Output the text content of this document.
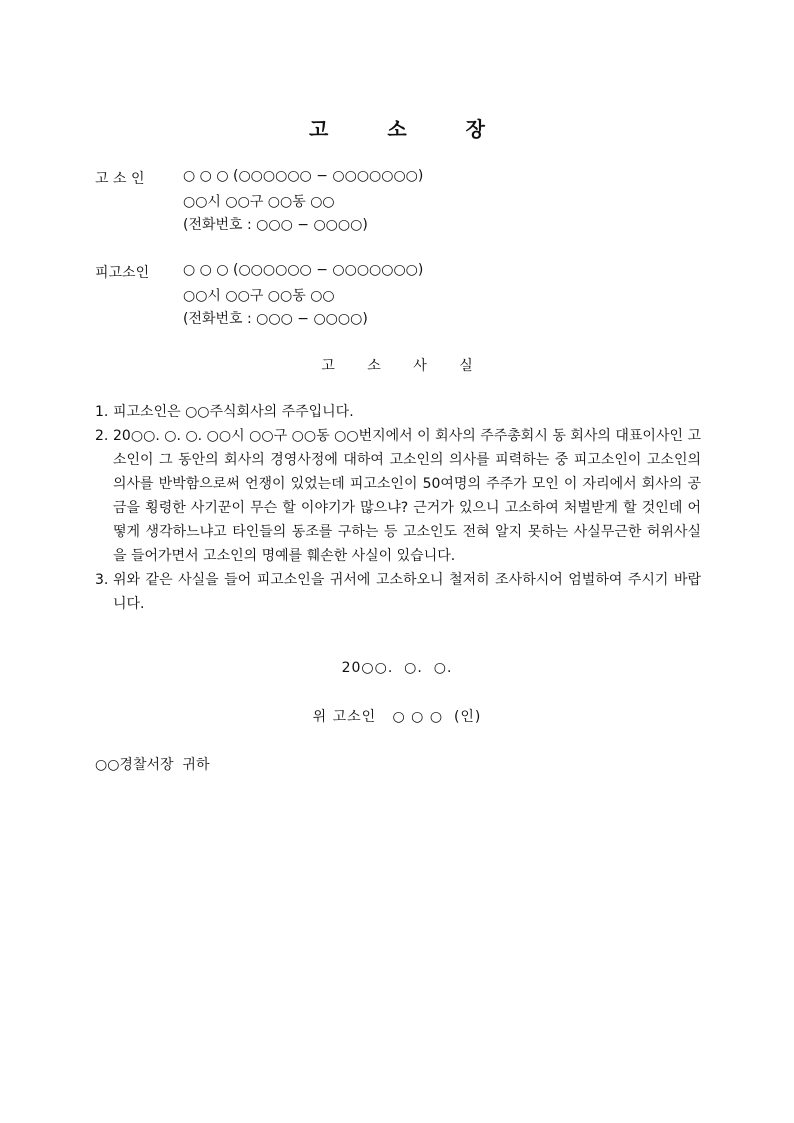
고 소 장
고 소 인	○ ○ ○ (○○○○○○ − ○○○○○○○)
○○시 ○○구 ○○동 ○○
(전화번호 : ○○○ − ○○○○)
피고소인 ○ ○ ○ (○○○○○○ − ○○○○○○○)
○○시 ○○구 ○○동 ○○
(전화번호 : ○○○ − ○○○○)
고 소 사 실
1. 피고소인은 ○○주식회사의 주주입니다.
2. 20○○. ○. ○. ○○시 ○○구 ○○동 ○○번지에서 이 회사의 주주총회시 동 회사의 대표이사인 고소인이 그 동안의 회사의 경영사정에 대하여 고소인의 의사를 피력하는 중 피고소인이 고소인의 의사를 반박함으로써 언쟁이 있었는데 피고소인이 50여명의 주주가 모인 이 자리에서 회사의 공금을 횡령한 사기꾼이 무슨 할 이야기가 많으냐? 근거가 있으니 고소하여 처벌받게 할 것인데 어떻게 생각하느냐고 타인들의 동조를 구하는 등 고소인도 전혀 알지 못하는 사실무근한 허위사실을 들어가면서 고소인의 명예를 훼손한 사실이 있습니다.
3. 위와 같은 사실을 들어 피고소인을 귀서에 고소하오니 철저히 조사하시어 엄벌하여 주시기 바랍니다.
20○○.  ○.  ○.
위 고소인   ○ ○ ○  (인)
○○경찰서장  귀하
